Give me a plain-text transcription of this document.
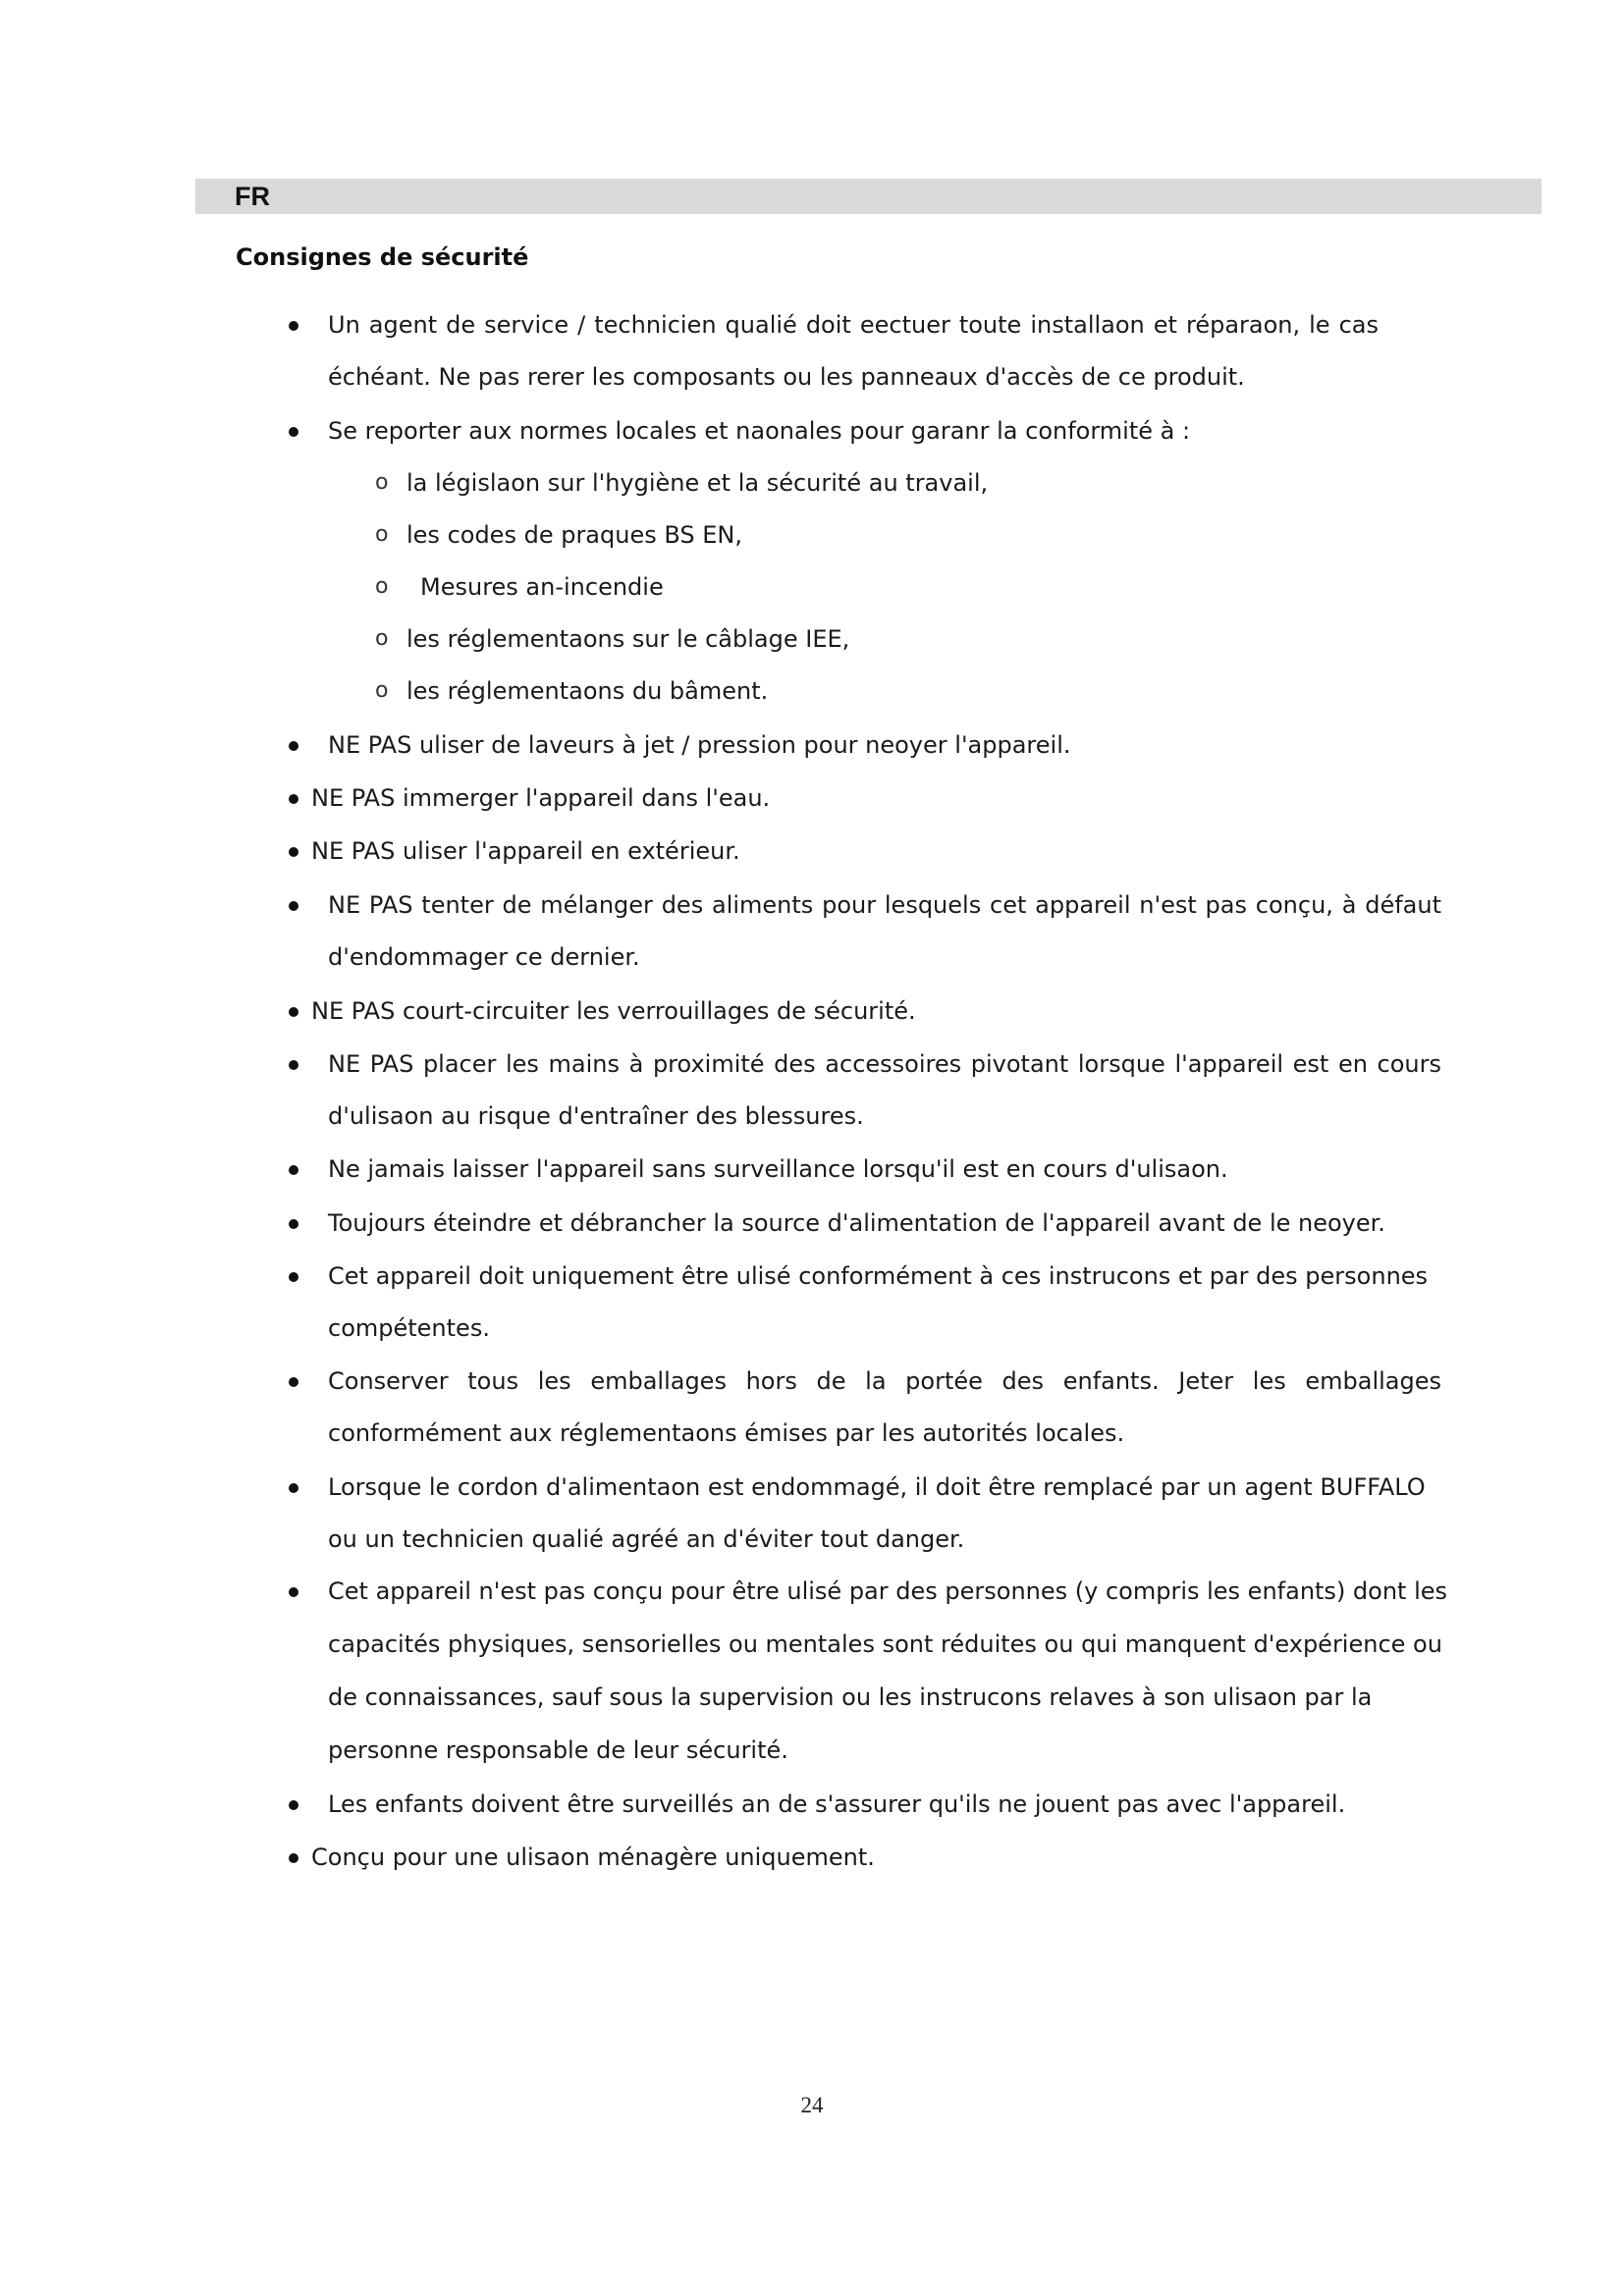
FR
Consignes de sécurité
Un agent de service / technicien qualié doit eectuer toute installaon et réparaon, le cas
échéant. Ne pas rerer les composants ou les panneaux d'accès de ce produit.
Se reporter aux normes locales et naonales pour garanr la conformité à :
o la législaon sur l'hygiène et la sécurité au travail,
o les codes de praques BS EN,
o Mesures an-incendie
o les réglementaons sur le câblage IEE,
o les réglementaons du bâment.
NE PAS uliser de laveurs à jet / pression pour neoyer l'appareil.
NE PAS immerger l'appareil dans l'eau.
NE PAS uliser l'appareil en extérieur.
NE PAS tenter de mélanger des aliments pour lesquels cet appareil n'est pas conçu, à défaut
d'endommager ce dernier.
NE PAS court-circuiter les verrouillages de sécurité.
NE PAS placer les mains à proximité des accessoires pivotant lorsque l'appareil est en cours
d'ulisaon au risque d'entraîner des blessures.
Ne jamais laisser l'appareil sans surveillance lorsqu'il est en cours d'ulisaon.
Toujours éteindre et débrancher la source d'alimentation de l'appareil avant de le neoyer.
Cet appareil doit uniquement être ulisé conformément à ces instrucons et par des personnes
compétentes.
Conserver tous les emballages hors de la portée des enfants. Jeter les emballages
conformément aux réglementaons émises par les autorités locales.
Lorsque le cordon d'alimentaon est endommagé, il doit être remplacé par un agent BUFFALO
ou un technicien qualié agréé an d'éviter tout danger.
Cet appareil n'est pas conçu pour être ulisé par des personnes (y compris les enfants) dont les
capacités physiques, sensorielles ou mentales sont réduites ou qui manquent d'expérience ou
de connaissances, sauf sous la supervision ou les instrucons relaves à son ulisaon par la
personne responsable de leur sécurité.
Les enfants doivent être surveillés an de s'assurer qu'ils ne jouent pas avec l'appareil.
Conçu pour une ulisaon ménagère uniquement.
24
